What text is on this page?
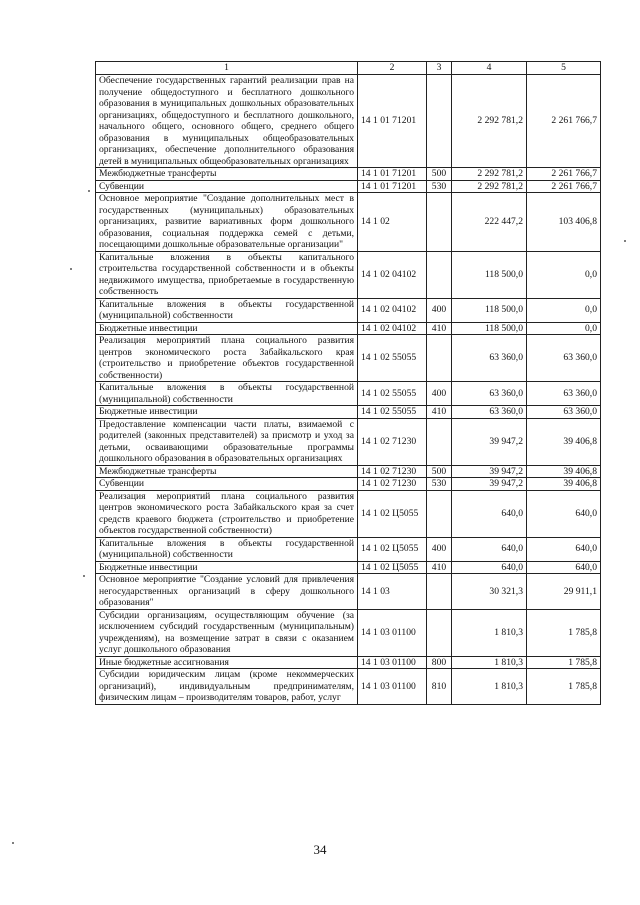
1	2	3	4	5
Обеспечение государственных гарантий реализации прав на получение общедоступного и бесплатного дошкольного образования в муниципальных дошкольных образовательных организациях, общедоступного и бесплатного дошкольного, начального общего, основного общего, среднего общего образования в муниципальных общеобразовательных организациях, обеспечение дополнительного образования детей в муниципальных общеобразовательных организациях	14 1 01 71201		2 292 781,2	2 261 766,7
Межбюджетные трансферты	14 1 01 71201	500	2 292 781,2	2 261 766,7
Субвенции	14 1 01 71201	530	2 292 781,2	2 261 766,7
Основное мероприятие "Создание дополнительных мест в государственных (муниципальных) образовательных организациях, развитие вариативных форм дошкольного образования, социальная поддержка семей с детьми, посещающими дошкольные образовательные организации"	14 1 02		222 447,2	103 406,8
Капитальные вложения в объекты капитального строительства государственной собственности и в объекты недвижимого имущества, приобретаемые в государственную собственность	14 1 02 04102		118 500,0	0,0
Капитальные вложения в объекты государственной (муниципальной) собственности	14 1 02 04102	400	118 500,0	0,0
Бюджетные инвестиции	14 1 02 04102	410	118 500,0	0,0
Реализация мероприятий плана социального развития центров экономического роста Забайкальского края (строительство и приобретение объектов государственной собственности)	14 1 02 55055		63 360,0	63 360,0
Капитальные вложения в объекты государственной (муниципальной) собственности	14 1 02 55055	400	63 360,0	63 360,0
Бюджетные инвестиции	14 1 02 55055	410	63 360,0	63 360,0
Предоставление компенсации части платы, взимаемой с родителей (законных представителей) за присмотр и уход за детьми, осваивающими образовательные программы дошкольного образования в образовательных организациях	14 1 02 71230		39 947,2	39 406,8
Межбюджетные трансферты	14 1 02 71230	500	39 947,2	39 406,8
Субвенции	14 1 02 71230	530	39 947,2	39 406,8
Реализация мероприятий плана социального развития центров экономического роста Забайкальского края за счет средств краевого бюджета (строительство и приобретение объектов государственной собственности)	14 1 02 Ц5055		640,0	640,0
Капитальные вложения в объекты государственной (муниципальной) собственности	14 1 02 Ц5055	400	640,0	640,0
Бюджетные инвестиции	14 1 02 Ц5055	410	640,0	640,0
Основное мероприятие "Создание условий для привлечения негосударственных организаций в сферу дошкольного образования"	14 1 03		30 321,3	29 911,1
Субсидии организациям, осуществляющим обучение (за исключением субсидий государственным (муниципальным) учреждениям), на возмещение затрат в связи с оказанием услуг дошкольного образования	14 1 03 01100		1 810,3	1 785,8
Иные бюджетные ассигнования	14 1 03 01100	800	1 810,3	1 785,8
Субсидии юридическим лицам (кроме некоммерческих организаций), индивидуальным предпринимателям, физическим лицам – производителям товаров, работ, услуг	14 1 03 01100	810	1 810,3	1 785,8
34
